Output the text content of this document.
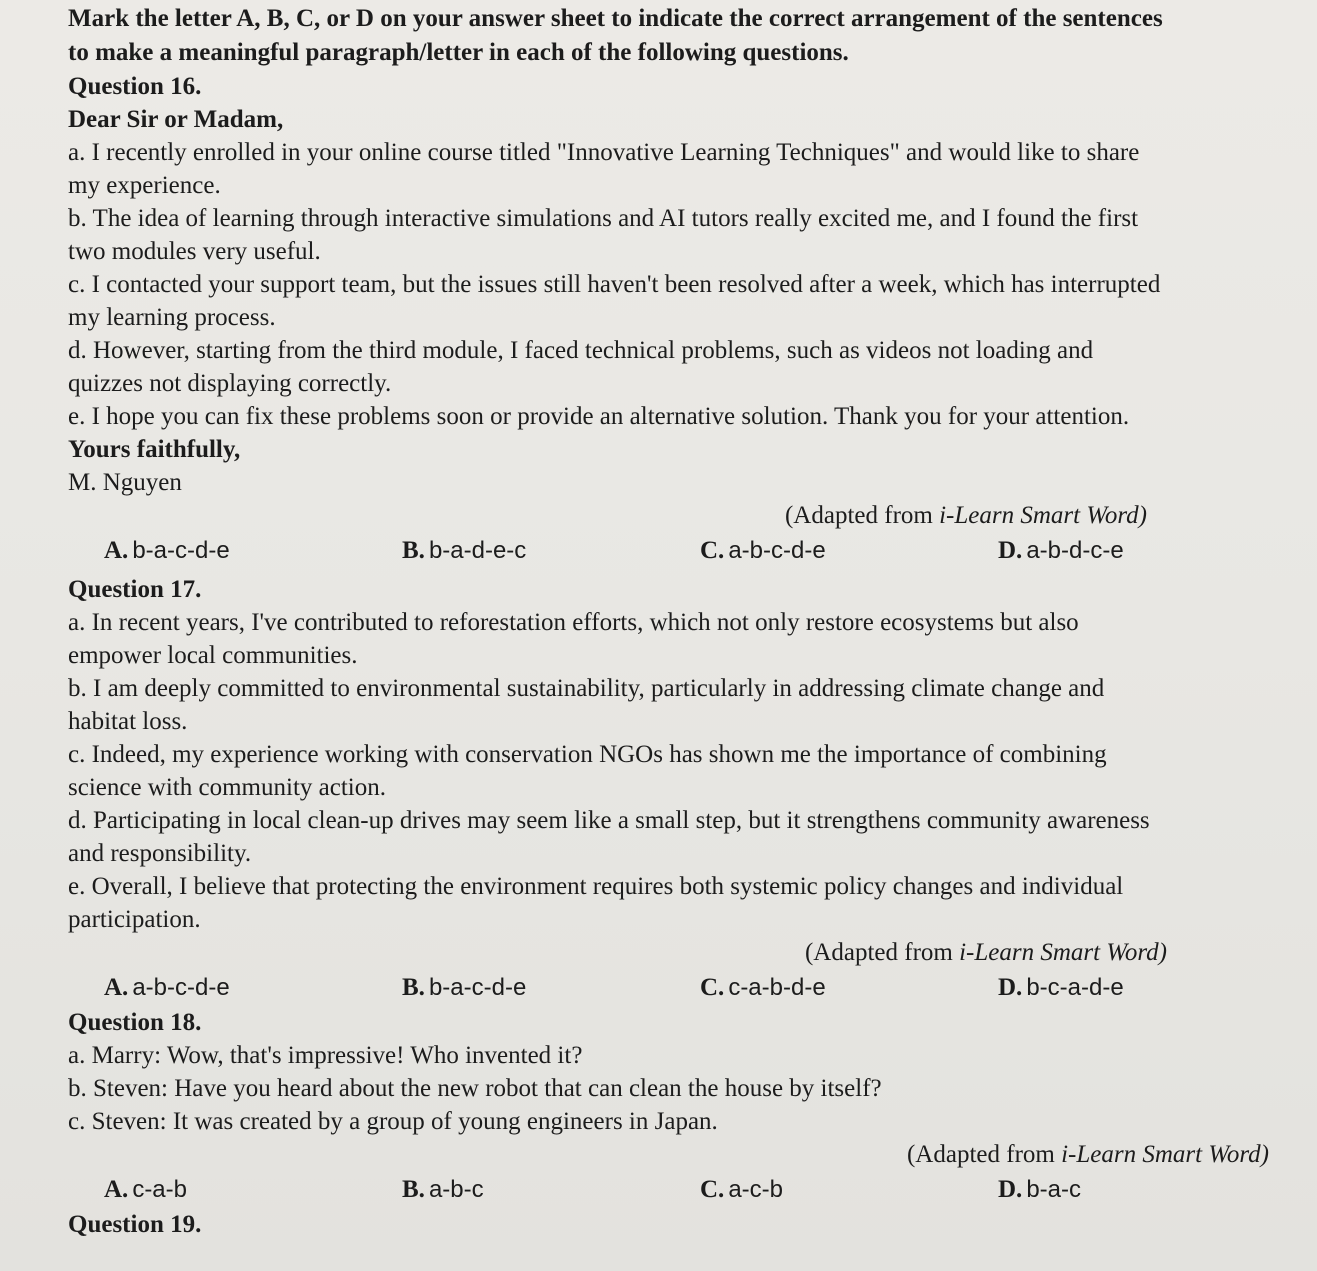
Mark the letter A, B, C, or D on your answer sheet to indicate the correct arrangement of the sentences
to make a meaningful paragraph/letter in each of the following questions.
Question 16.
Dear Sir or Madam,
a. I recently enrolled in your online course titled "Innovative Learning Techniques" and would like to share
my experience.
b. The idea of learning through interactive simulations and AI tutors really excited me, and I found the first
two modules very useful.
c. I contacted your support team, but the issues still haven't been resolved after a week, which has interrupted
my learning process.
d. However, starting from the third module, I faced technical problems, such as videos not loading and
quizzes not displaying correctly.
e. I hope you can fix these problems soon or provide an alternative solution. Thank you for your attention.
Yours faithfully,
M. Nguyen
(Adapted from i-Learn Smart Word)
A. b-a-c-d-e	B. b-a-d-e-c	C. a-b-c-d-e	D. a-b-d-c-e
Question 17.
a. In recent years, I've contributed to reforestation efforts, which not only restore ecosystems but also
empower local communities.
b. I am deeply committed to environmental sustainability, particularly in addressing climate change and
habitat loss.
c. Indeed, my experience working with conservation NGOs has shown me the importance of combining
science with community action.
d. Participating in local clean-up drives may seem like a small step, but it strengthens community awareness
and responsibility.
e. Overall, I believe that protecting the environment requires both systemic policy changes and individual
participation.
(Adapted from i-Learn Smart Word)
A. a-b-c-d-e	B. b-a-c-d-e	C. c-a-b-d-e	D. b-c-a-d-e
Question 18.
a. Marry: Wow, that's impressive! Who invented it?
b. Steven: Have you heard about the new robot that can clean the house by itself?
c. Steven: It was created by a group of young engineers in Japan.
(Adapted from i-Learn Smart Word)
A. c-a-b	B. a-b-c	C. a-c-b	D. b-a-c
Question 19.
